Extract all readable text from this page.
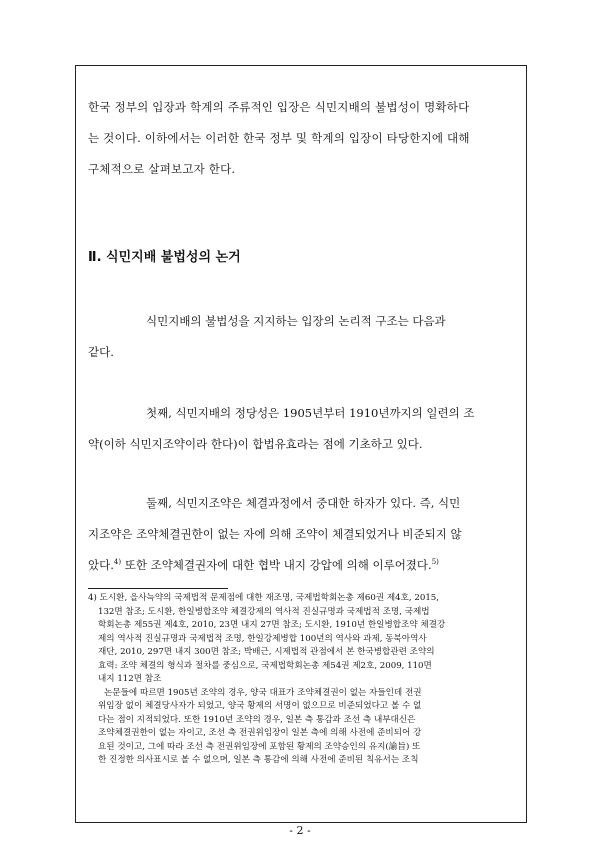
한국 정부의 입장과 학계의 주류적인 입장은 식민지배의 불법성이 명확하다
는 것이다. 이하에서는 이러한 한국 정부 및 학계의 입장이 타당한지에 대해
구체적으로 살펴보고자 한다.
Ⅱ. 식민지배 불법성의 논거
식민지배의 불법성을 지지하는 입장의 논리적 구조는 다음과
같다.
첫째, 식민지배의 정당성은 1905년부터 1910년까지의 일련의 조
약(이하 식민지조약이라 한다)이 합법유효라는 점에 기초하고 있다.
둘째, 식민지조약은 체결과정에서 중대한 하자가 있다. 즉, 식민
지조약은 조약체결권한이 없는 자에 의해 조약이 체결되었거나 비준되지 않
았다.$^{4)}$ 또한 조약체결권자에 대한 협박 내지 강압에 의해 이루어졌다.$^{5)}$
4) 도시환, 을사늑약의 국제법적 문제점에 대한 재조명, 국제법학회논총 제60권 제4호, 2015,
132면 참조; 도시환, 한일병합조약 체결강제의 역사적 진실규명과 국제법적 조명, 국제법
학회논총 제55권 제4호, 2010, 23면 내지 27면 참조; 도시환, 1910년 한일병합조약 체결강
제의 역사적 진실규명과 국제법적 조명, 한일강제병합 100년의 역사와 과제, 동북아역사
재단, 2010, 297면 내지 300면 참조; 박배근, 시제법적 관점에서 본 한국병합관련 조약의
효력: 조약 체결의 형식과 절차를 중심으로, 국제법학회논총 제54권 제2호, 2009, 110면
내지 112면 참조
논문들에 따르면 1905년 조약의 경우, 양국 대표가 조약체결권이 없는 자들인데 전권
위임장 없이 체결당사자가 되었고, 양국 황제의 서명이 없으므로 비준되었다고 볼 수 없
다는 점이 지적되었다. 또한 1910년 조약의 경우, 일본 측 통감과 조선 측 내부대신은
조약체결권한이 없는 자이고, 조선 측 전권위임장이 일본 측에 의해 사전에 준비되어 강
요된 것이고, 그에 따라 조선 측 전권위임장에 포함된 황제의 조약승인의 유지(諭旨) 또
한 진정한 의사표시로 볼 수 없으며, 일본 측 통감에 의해 사전에 준비된 칙유서는 조칙
- 2 -
